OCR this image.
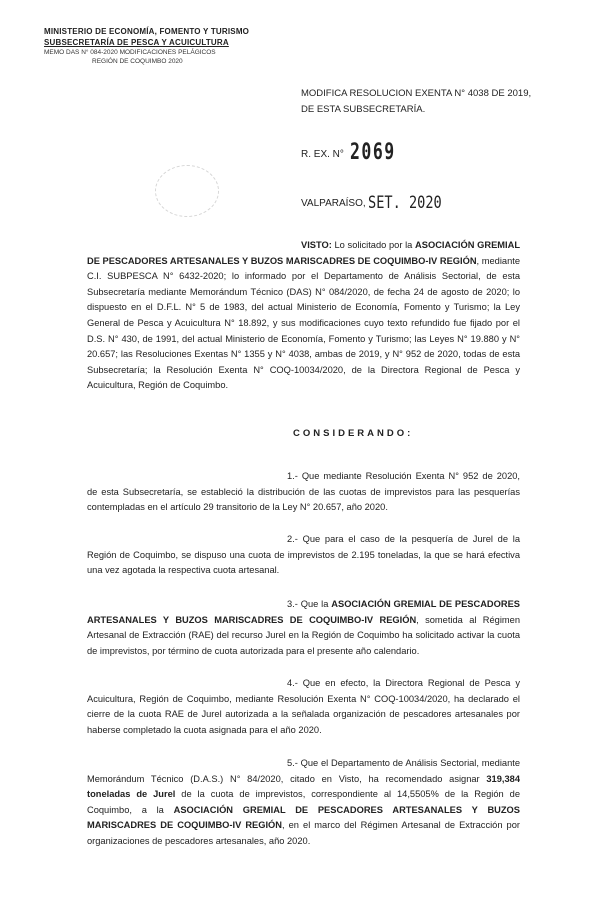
MINISTERIO DE ECONOMÍA, FOMENTO Y TURISMO
SUBSECRETARÍA DE PESCA Y ACUICULTURA
MEMO DAS N° 084-2020 MODIFICACIONES PELÁGICOS
REGIÓN DE COQUIMBO 2020
MODIFICA RESOLUCION EXENTA N° 4038 DE 2019,
DE ESTA SUBSECRETARÍA.
R. EX. N° 2069
VALPARAÍSO, SET. 2020

VISTO: Lo solicitado por la ASOCIACIÓN GREMIAL DE PESCADORES ARTESANALES Y BUZOS MARISCADRES DE COQUIMBO-IV REGIÓN, mediante C.I. SUBPESCA N° 6432-2020; lo informado por el Departamento de Análisis Sectorial, de esta Subsecretaría mediante Memorándum Técnico (DAS) N° 084/2020, de fecha 24 de agosto de 2020; lo dispuesto en el D.F.L. N° 5 de 1983, del actual Ministerio de Economía, Fomento y Turismo; la Ley General de Pesca y Acuicultura N° 18.892, y sus modificaciones cuyo texto refundido fue fijado por el D.S. N° 430, de 1991, del actual Ministerio de Economía, Fomento y Turismo; las Leyes N° 19.880 y N° 20.657; las Resoluciones Exentas N° 1355 y N° 4038, ambas de 2019, y N° 952 de 2020, todas de esta Subsecretaría; la Resolución Exenta N° COQ-10034/2020, de la Directora Regional de Pesca y Acuicultura, Región de Coquimbo.

CONSIDERANDO:

1.- Que mediante Resolución Exenta N° 952 de 2020, de esta Subsecretaría, se estableció la distribución de las cuotas de imprevistos para las pesquerías contempladas en el artículo 29 transitorio de la Ley N° 20.657, año 2020.

2.- Que para el caso de la pesquería de Jurel de la Región de Coquimbo, se dispuso una cuota de imprevistos de 2.195 toneladas, la que se hará efectiva una vez agotada la respectiva cuota artesanal.

3.- Que la ASOCIACIÓN GREMIAL DE PESCADORES ARTESANALES Y BUZOS MARISCADRES DE COQUIMBO-IV REGIÓN, sometida al Régimen Artesanal de Extracción (RAE) del recurso Jurel en la Región de Coquimbo ha solicitado activar la cuota de imprevistos, por término de cuota autorizada para el presente año calendario.

4.- Que en efecto, la Directora Regional de Pesca y Acuicultura, Región de Coquimbo, mediante Resolución Exenta N° COQ-10034/2020, ha declarado el cierre de la cuota RAE de Jurel autorizada a la señalada organización de pescadores artesanales por haberse completado la cuota asignada para el año 2020.

5.- Que el Departamento de Análisis Sectorial, mediante Memorándum Técnico (D.A.S.) N° 84/2020, citado en Visto, ha recomendado asignar 319,384 toneladas de Jurel de la cuota de imprevistos, correspondiente al 14,5505% de la Región de Coquimbo, a la ASOCIACIÓN GREMIAL DE PESCADORES ARTESANALES Y BUZOS MARISCADRES DE COQUIMBO-IV REGIÓN, en el marco del Régimen Artesanal de Extracción por organizaciones de pescadores artesanales, año 2020.
